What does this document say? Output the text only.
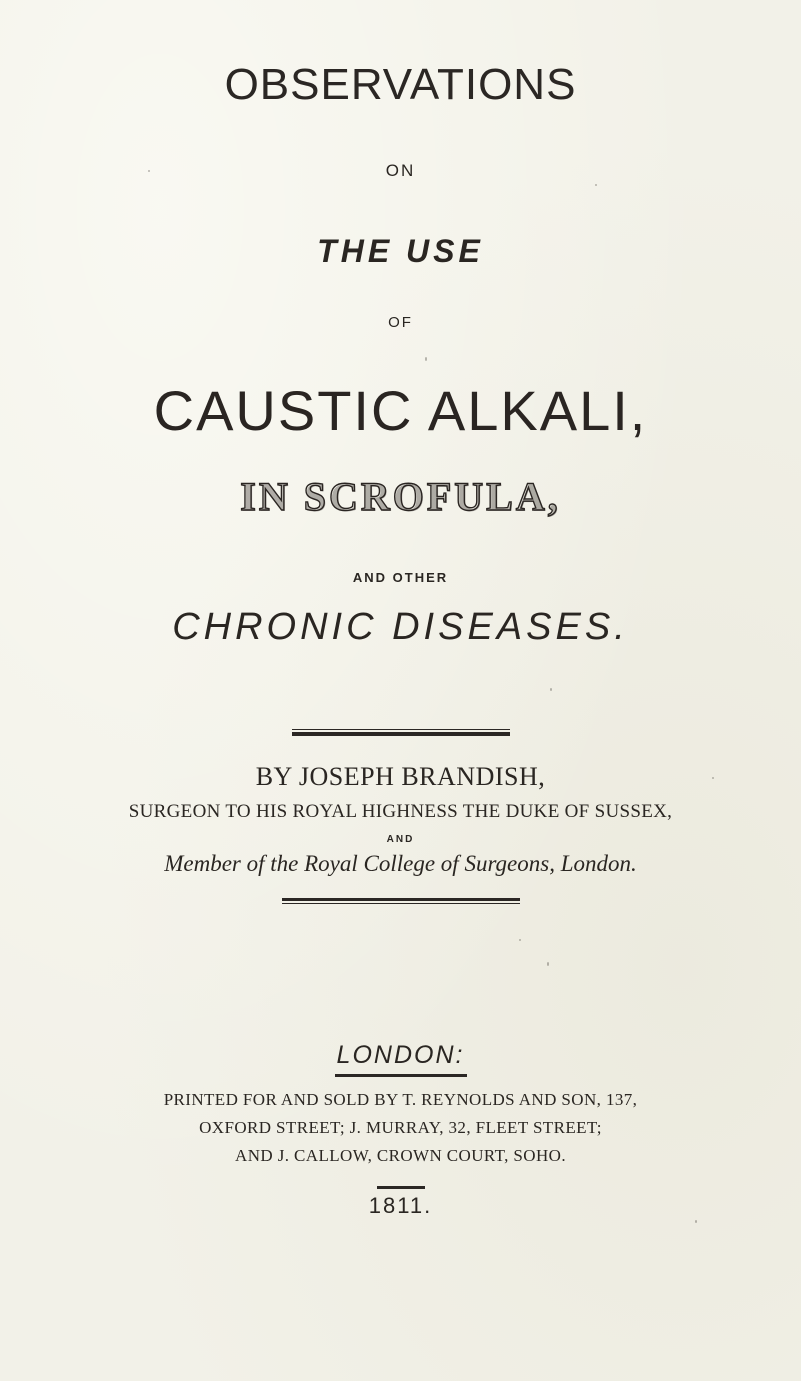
OBSERVATIONS
ON
THE USE
OF
CAUSTIC ALKALI,
IN SCROFULA,
AND OTHER
CHRONIC DISEASES.
BY JOSEPH BRANDISH,
SURGEON TO HIS ROYAL HIGHNESS THE DUKE OF SUSSEX,
AND
Member of the Royal College of Surgeons, London.
LONDON:
PRINTED FOR AND SOLD BY T. REYNOLDS AND SON, 137,
OXFORD STREET; J. MURRAY, 32, FLEET STREET;
AND J. CALLOW, CROWN COURT, SOHO.
1811.
